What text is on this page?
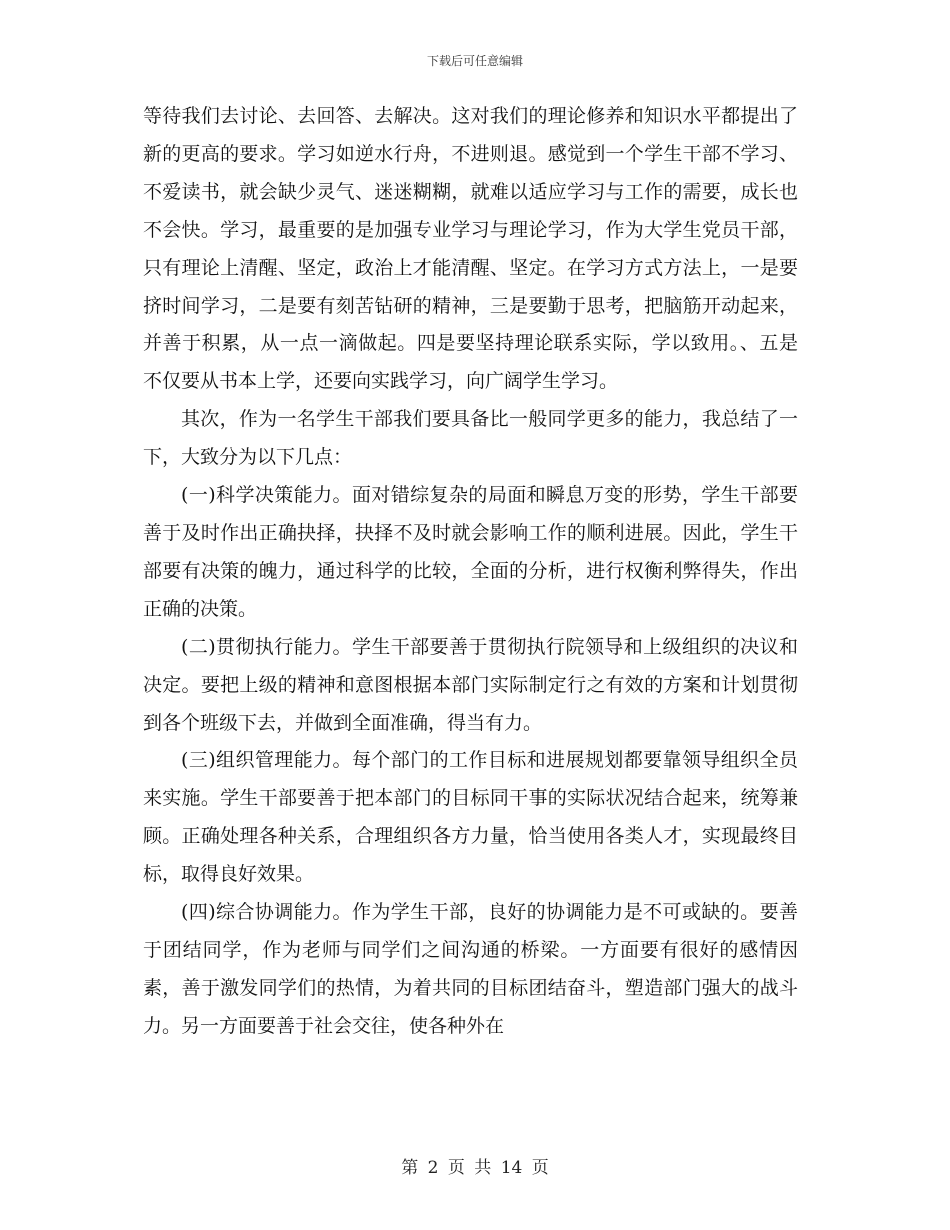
下载后可任意编辑

等待我们去讨论、去回答、去解决。这对我们的理论修养和知识水平都提出了新的更高的要求。学习如逆水行舟，不进则退。感觉到一个学生干部不学习、不爱读书，就会缺少灵气、迷迷糊糊，就难以适应学习与工作的需要，成长也不会快。学习，最重要的是加强专业学习与理论学习，作为大学生党员干部，只有理论上清醒、坚定，政治上才能清醒、坚定。在学习方式方法上，一是要挤时间学习，二是要有刻苦钻研的精神，三是要勤于思考，把脑筋开动起来，并善于积累，从一点一滴做起。四是要坚持理论联系实际，学以致用。、五是不仅要从书本上学，还要向实践学习，向广阔学生学习。

其次，作为一名学生干部我们要具备比一般同学更多的能力，我总结了一下，大致分为以下几点：

(一)科学决策能力。面对错综复杂的局面和瞬息万变的形势，学生干部要善于及时作出正确抉择，抉择不及时就会影响工作的顺利进展。因此，学生干部要有决策的魄力，通过科学的比较，全面的分析，进行权衡利弊得失，作出正确的决策。

(二)贯彻执行能力。学生干部要善于贯彻执行院领导和上级组织的决议和决定。要把上级的精神和意图根据本部门实际制定行之有效的方案和计划贯彻到各个班级下去，并做到全面准确，得当有力。

(三)组织管理能力。每个部门的工作目标和进展规划都要靠领导组织全员来实施。学生干部要善于把本部门的目标同干事的实际状况结合起来，统筹兼顾。正确处理各种关系，合理组织各方力量，恰当使用各类人才，实现最终目标，取得良好效果。

(四)综合协调能力。作为学生干部，良好的协调能力是不可或缺的。要善于团结同学，作为老师与同学们之间沟通的桥梁。一方面要有很好的感情因素，善于激发同学们的热情，为着共同的目标团结奋斗，塑造部门强大的战斗力。另一方面要善于社会交往，使各种外在

第 2 页 共 14 页
